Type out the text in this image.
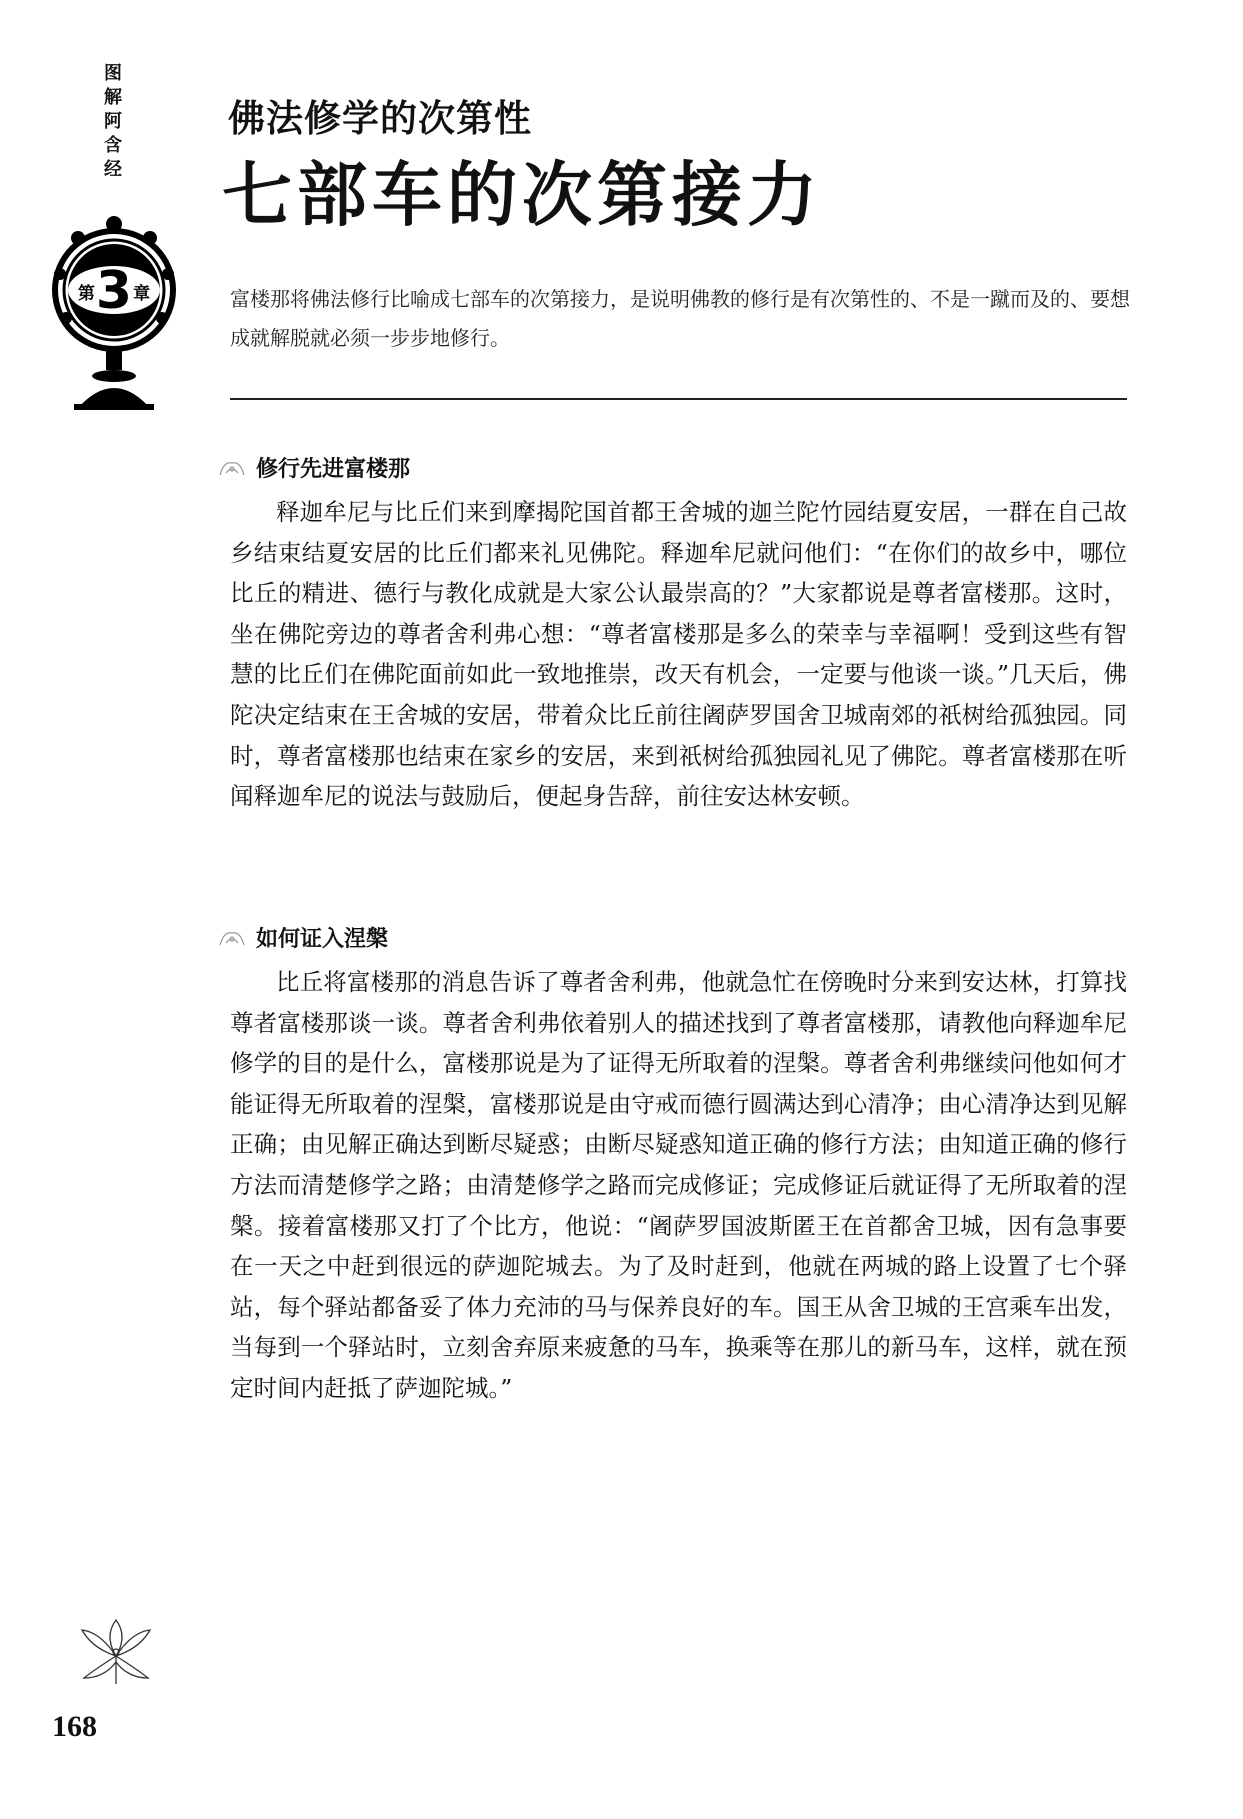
图
解
阿
含
经
第 3 章
佛法修学的次第性
七部车的次第接力
富楼那将佛法修行比喻成七部车的次第接力，是说明佛教的修行是有次第性的、不是一蹴而及的、要想成就解脱就必须一步步地修行。
修行先进富楼那

释迦牟尼与比丘们来到摩揭陀国首都王舍城的迦兰陀竹园结夏安居，一群在自己故乡结束结夏安居的比丘们都来礼见佛陀。释迦牟尼就问他们：“在你们的故乡中，哪位比丘的精进、德行与教化成就是大家公认最崇高的？”大家都说是尊者富楼那。这时，坐在佛陀旁边的尊者舍利弗心想：“尊者富楼那是多么的荣幸与幸福啊！受到这些有智慧的比丘们在佛陀面前如此一致地推崇，改天有机会，一定要与他谈一谈。”几天后，佛陀决定结束在王舍城的安居，带着众比丘前往阇萨罗国舍卫城南郊的祇树给孤独园。同时，尊者富楼那也结束在家乡的安居，来到祇树给孤独园礼见了佛陀。尊者富楼那在听闻释迦牟尼的说法与鼓励后，便起身告辞，前往安达林安顿。

如何证入涅槃

比丘将富楼那的消息告诉了尊者舍利弗，他就急忙在傍晚时分来到安达林，打算找尊者富楼那谈一谈。尊者舍利弗依着别人的描述找到了尊者富楼那，请教他向释迦牟尼修学的目的是什么，富楼那说是为了证得无所取着的涅槃。尊者舍利弗继续问他如何才能证得无所取着的涅槃，富楼那说是由守戒而德行圆满达到心清净；由心清净达到见解正确；由见解正确达到断尽疑惑；由断尽疑惑知道正确的修行方法；由知道正确的修行方法而清楚修学之路；由清楚修学之路而完成修证；完成修证后就证得了无所取着的涅槃。接着富楼那又打了个比方，他说：“阇萨罗国波斯匿王在首都舍卫城，因有急事要在一天之中赶到很远的萨迦陀城去。为了及时赶到，他就在两城的路上设置了七个驿站，每个驿站都备妥了体力充沛的马与保养良好的车。国王从舍卫城的王宫乘车出发，当每到一个驿站时，立刻舍弃原来疲惫的马车，换乘等在那儿的新马车，这样，就在预定时间内赶抵了萨迦陀城。”

168
